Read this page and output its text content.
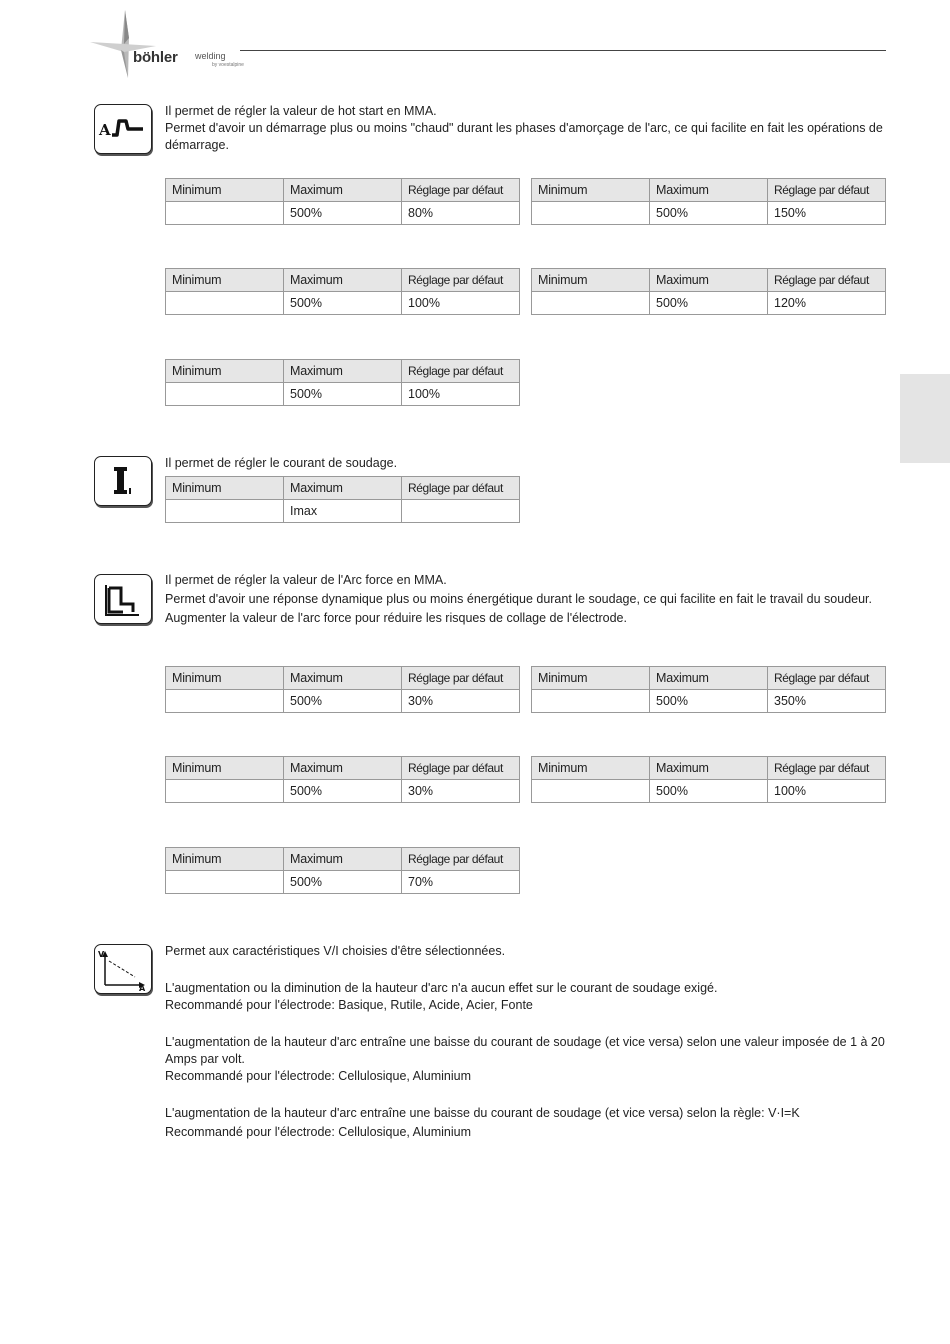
böhler welding
by voestalpine
A

Il permet de régler la valeur de hot start en MMA.

Permet d'avoir un démarrage plus ou moins "chaud" durant les phases d'amorçage de l'arc, ce qui facilite en fait les opérations de démarrage.

Minimum	Maximum	Réglage par défaut
	500%	80%
Minimum	Maximum	Réglage par défaut
	500%	150%
Minimum	Maximum	Réglage par défaut
	500%	100%
Minimum	Maximum	Réglage par défaut
	500%	120%
Minimum	Maximum	Réglage par défaut
	500%	100%

Il permet de régler le courant de soudage.

Minimum	Maximum	Réglage par défaut
	Imax	

Il permet de régler la valeur de l'Arc force en MMA.

Permet d'avoir une réponse dynamique plus ou moins énergétique durant le soudage, ce qui facilite en fait le travail du soudeur.

Augmenter la valeur de l'arc force pour réduire les risques de collage de l'électrode.

Minimum	Maximum	Réglage par défaut
	500%	30%
Minimum	Maximum	Réglage par défaut
	500%	350%
Minimum	Maximum	Réglage par défaut
	500%	30%
Minimum	Maximum	Réglage par défaut
	500%	100%
Minimum	Maximum	Réglage par défaut
	500%	70%
V
A

Permet aux caractéristiques V/I choisies d'être sélectionnées.

L'augmentation ou la diminution de la hauteur d'arc n'a aucun effet sur le courant de soudage exigé.

Recommandé pour l'électrode: Basique, Rutile, Acide, Acier, Fonte

L'augmentation de la hauteur d'arc entraîne une baisse du courant de soudage (et vice versa) selon une valeur imposée de 1 à 20 Amps par volt.

Recommandé pour l'électrode: Cellulosique, Aluminium

L'augmentation de la hauteur d'arc entraîne une baisse du courant de soudage (et vice versa) selon la règle: V·I=K

Recommandé pour l'électrode: Cellulosique, Aluminium
